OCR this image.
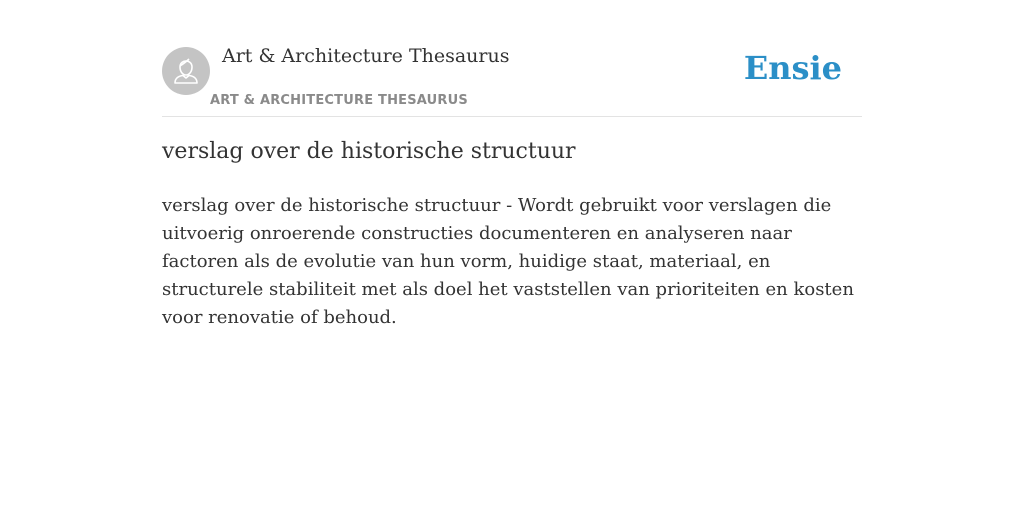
Art & Architecture Thesaurus
ART & ARCHITECTURE THESAURUS
Ensie
verslag over de historische structuur

verslag over de historische structuur - Wordt gebruikt voor verslagen die uitvoerig onroerende constructies documenteren en analyseren naar factoren als de evolutie van hun vorm, huidige staat, materiaal, en structurele stabiliteit met als doel het vaststellen van prioriteiten en kosten voor renovatie of behoud.
